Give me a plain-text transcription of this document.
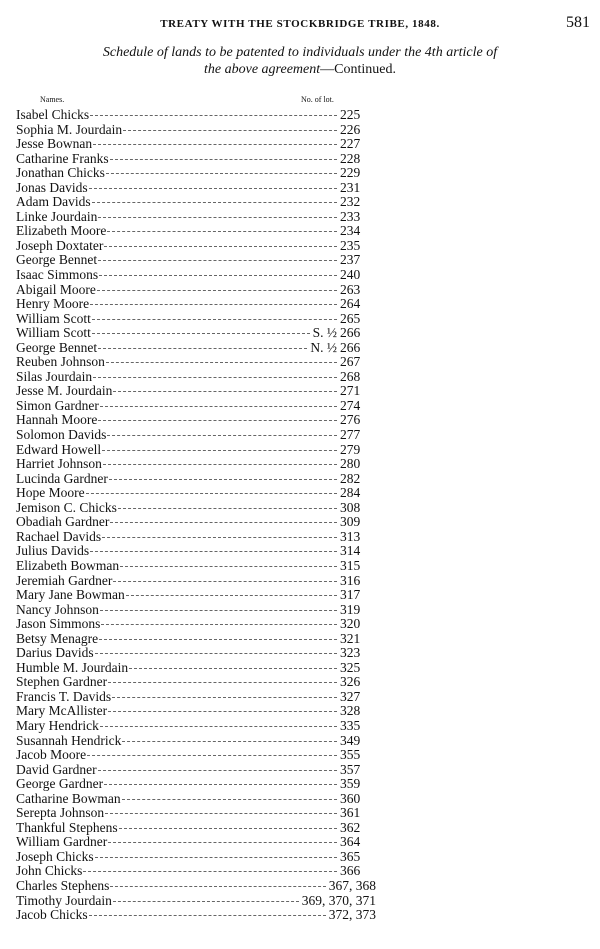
TREATY WITH THE STOCKBRIDGE TRIBE, 1848.	581
Schedule of lands to be patented to individuals under the 4th article of
the above agreement—Continued.
Names.	No. of lot.
Isabel Chicks	225
Sophia M. Jourdain	226
Jesse Bownan	227
Catharine Franks	228
Jonathan Chicks	229
Jonas Davids	231
Adam Davids	232
Linke Jourdain	233
Elizabeth Moore	234
Joseph Doxtater	235
George Bennet	237
Isaac Simmons	240
Abigail Moore	263
Henry Moore	264
William Scott	265
William Scott	S. ½ 266
George Bennet	N. ½ 266
Reuben Johnson	267
Silas Jourdain	268
Jesse M. Jourdain	271
Simon Gardner	274
Hannah Moore	276
Solomon Davids	277
Edward Howell	279
Harriet Johnson	280
Lucinda Gardner	282
Hope Moore	284
Jemison C. Chicks	308
Obadiah Gardner	309
Rachael Davids	313
Julius Davids	314
Elizabeth Bowman	315
Jeremiah Gardner	316
Mary Jane Bowman	317
Nancy Johnson	319
Jason Simmons	320
Betsy Menagre	321
Darius Davids	323
Humble M. Jourdain	325
Stephen Gardner	326
Francis T. Davids	327
Mary McAllister	328
Mary Hendrick	335
Susannah Hendrick	349
Jacob Moore	355
David Gardner	357
George Gardner	359
Catharine Bowman	360
Serepta Johnson	361
Thankful Stephens	362
William Gardner	364
Joseph Chicks	365
John Chicks	366
Charles Stephens	367, 368
Timothy Jourdain	369, 370, 371
Jacob Chicks	372, 373
